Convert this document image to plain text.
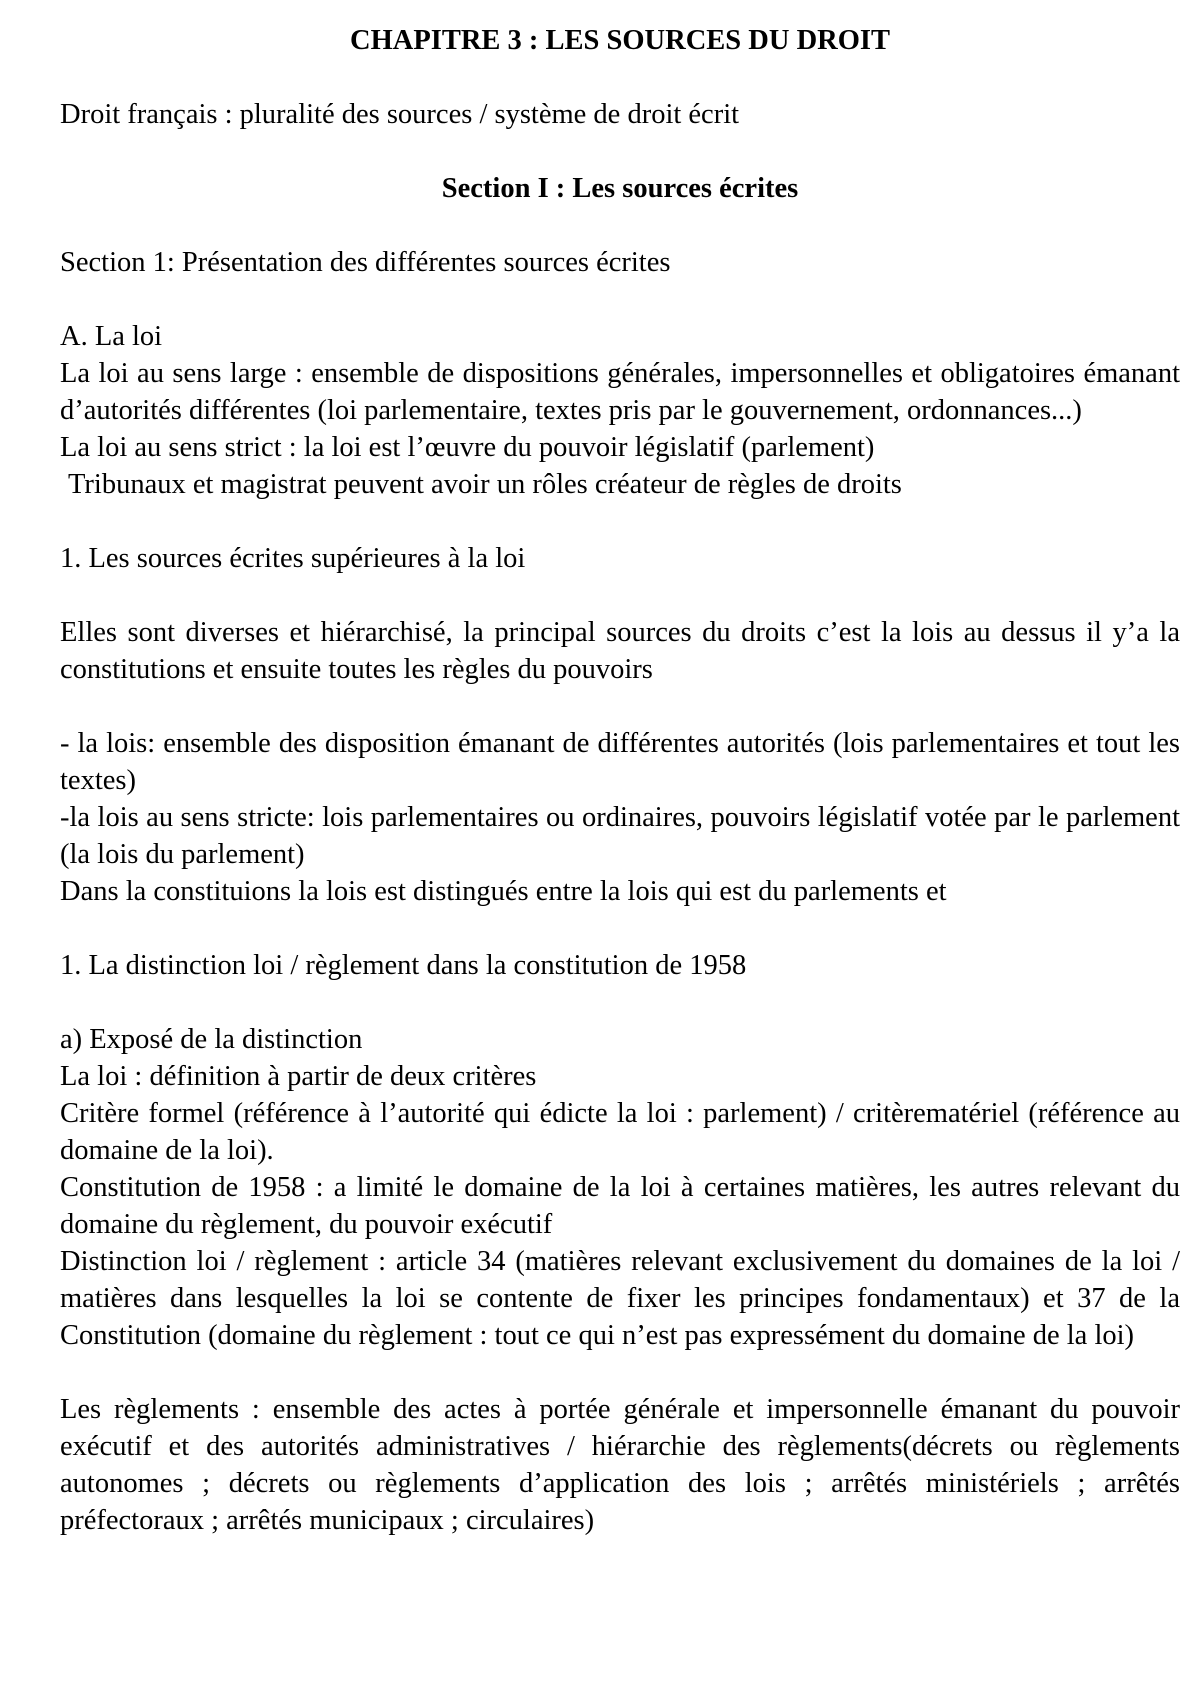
CHAPITRE 3 : LES SOURCES DU DROIT

Droit français : pluralité des sources / système de droit écrit

Section I : Les sources écrites

Section 1: Présentation des différentes sources écrites

A. La loi

La loi au sens large : ensemble de dispositions générales, impersonnelles et obligatoires émanant d’autorités différentes (loi parlementaire, textes pris par le gouvernement, ordonnances...)

La loi au sens strict : la loi est l’œuvre du pouvoir législatif (parlement)

Tribunaux et magistrat peuvent avoir un rôles créateur de règles de droits

1. Les sources écrites supérieures à la loi

Elles sont diverses et hiérarchisé, la principal sources du droits c’est la lois au dessus il y’a la constitutions et ensuite toutes les règles du pouvoirs

- la lois: ensemble des disposition émanant de différentes autorités (lois parlementaires et tout les textes)

-la lois au sens stricte: lois parlementaires ou ordinaires, pouvoirs législatif votée par le parlement (la lois du parlement)

Dans la constituions la lois est distingués entre la lois qui est du parlements et

1. La distinction loi / règlement dans la constitution de 1958

a) Exposé de la distinction

La loi : définition à partir de deux critères

Critère formel (référence à l’autorité qui édicte la loi : parlement) / critèrematériel (référence au domaine de la loi).

Constitution de 1958 : a limité le domaine de la loi à certaines matières, les autres relevant du domaine du règlement, du pouvoir exécutif

Distinction loi / règlement : article 34 (matières relevant exclusivement du domaines de la loi / matières dans lesquelles la loi se contente de fixer les principes fondamentaux) et 37 de la Constitution (domaine du règlement : tout ce qui n’est pas expressément du domaine de la loi)

Les règlements : ensemble des actes à portée générale et impersonnelle émanant du pouvoir exécutif et des autorités administratives / hiérarchie des règlements(décrets ou règlements autonomes ; décrets ou règlements d’application des lois ; arrêtés ministériels ; arrêtés préfectoraux ; arrêtés municipaux ; circulaires)
